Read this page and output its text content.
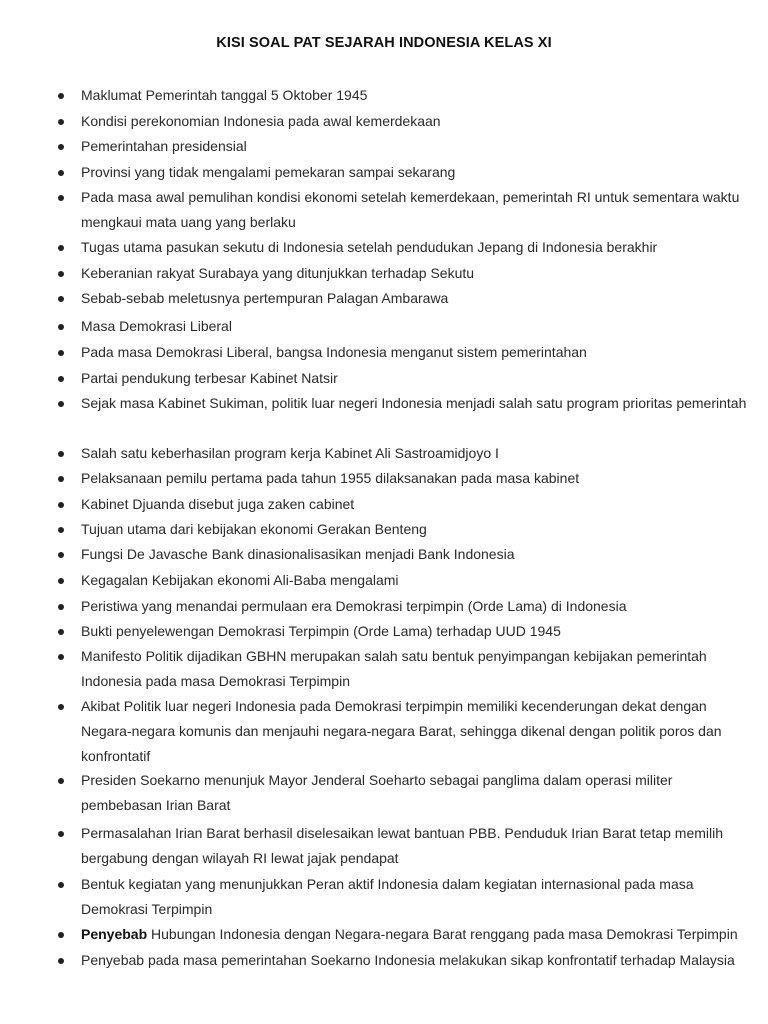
KISI SOAL PAT SEJARAH INDONESIA KELAS XI
Maklumat Pemerintah tanggal 5 Oktober 1945
Kondisi perekonomian Indonesia pada awal kemerdekaan
Pemerintahan presidensial
Provinsi yang tidak mengalami pemekaran sampai sekarang
Pada masa awal pemulihan kondisi ekonomi setelah kemerdekaan, pemerintah RI untuk sementara waktu mengkaui mata uang yang berlaku
Tugas utama pasukan sekutu di Indonesia setelah pendudukan Jepang di Indonesia berakhir
Keberanian rakyat Surabaya yang ditunjukkan terhadap Sekutu
Sebab-sebab meletusnya pertempuran Palagan Ambarawa
Masa Demokrasi Liberal
Pada masa Demokrasi Liberal, bangsa Indonesia menganut sistem pemerintahan
Partai pendukung terbesar Kabinet Natsir
Sejak masa Kabinet Sukiman, politik luar negeri Indonesia menjadi salah satu program prioritas pemerintah
Salah satu keberhasilan program kerja Kabinet Ali Sastroamidjoyo I
Pelaksanaan pemilu pertama pada tahun 1955 dilaksanakan pada masa kabinet
Kabinet Djuanda disebut juga zaken cabinet
Tujuan utama dari kebijakan ekonomi Gerakan Benteng
Fungsi De Javasche Bank dinasionalisasikan menjadi Bank Indonesia
Kegagalan Kebijakan ekonomi Ali-Baba mengalami
Peristiwa yang menandai permulaan era Demokrasi terpimpin (Orde Lama) di Indonesia
Bukti penyelewengan Demokrasi Terpimpin (Orde Lama) terhadap UUD 1945
Manifesto Politik dijadikan GBHN merupakan salah satu bentuk penyimpangan kebijakan pemerintah Indonesia pada masa Demokrasi Terpimpin
Akibat Politik luar negeri Indonesia pada Demokrasi terpimpin memiliki kecenderungan dekat dengan Negara-negara komunis dan menjauhi negara-negara Barat, sehingga dikenal dengan politik poros dan konfrontatif
Presiden Soekarno menunjuk Mayor Jenderal Soeharto sebagai panglima dalam operasi militer pembebasan Irian Barat
Permasalahan Irian Barat berhasil diselesaikan lewat bantuan PBB. Penduduk Irian Barat tetap memilih bergabung dengan wilayah RI lewat jajak pendapat
Bentuk kegiatan yang menunjukkan Peran aktif Indonesia dalam kegiatan internasional pada masa Demokrasi Terpimpin
Penyebab Hubungan Indonesia dengan Negara-negara Barat renggang pada masa Demokrasi Terpimpin
Penyebab pada masa pemerintahan Soekarno Indonesia melakukan sikap konfrontatif terhadap Malaysia
